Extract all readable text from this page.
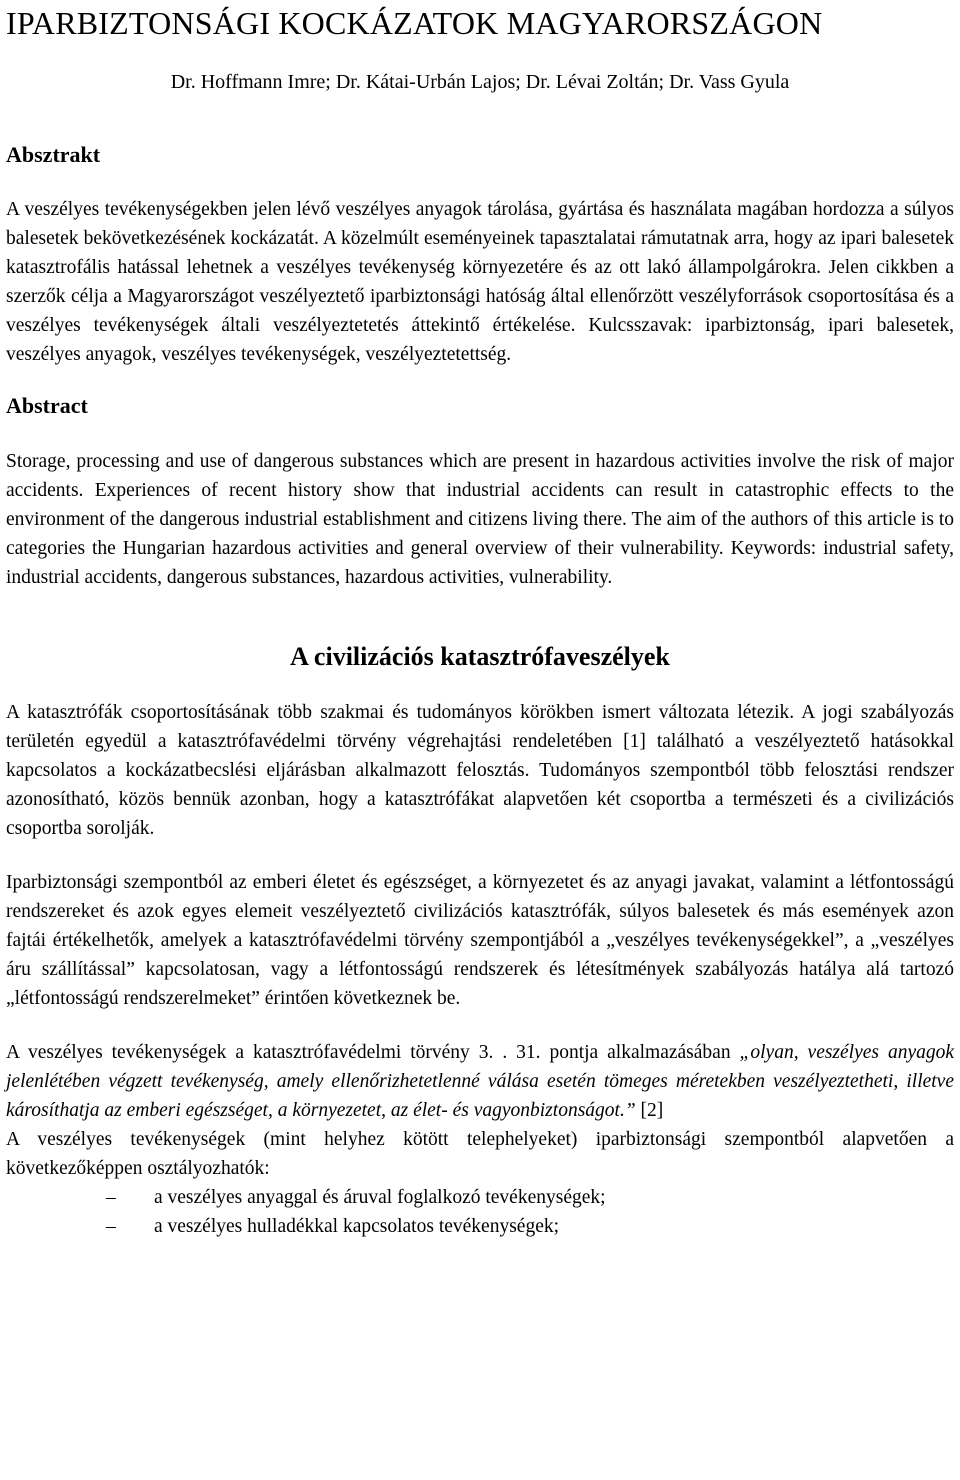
IPARBIZTONSÁGI KOCKÁZATOK MAGYARORSZÁGON

Dr. Hoffmann Imre; Dr. Kátai-Urbán Lajos; Dr. Lévai Zoltán; Dr. Vass Gyula

Absztrakt

A veszélyes tevékenységekben jelen lévő veszélyes anyagok tárolása, gyártása és használata magában hordozza a súlyos balesetek bekövetkezésének kockázatát. A közelmúlt eseményeinek tapasztalatai rámutatnak arra, hogy az ipari balesetek katasztrofális hatással lehetnek a veszélyes tevékenység környezetére és az ott lakó állampolgárokra. Jelen cikkben a szerzők célja a Magyarországot veszélyeztető iparbiztonsági hatóság által ellenőrzött veszélyforrások csoportosítása és a veszélyes tevékenységek általi veszélyeztetetés áttekintő értékelése. Kulcsszavak: iparbiztonság, ipari balesetek, veszélyes anyagok, veszélyes tevékenységek, veszélyeztetettség.

Abstract

Storage, processing and use of dangerous substances which are present in hazardous activities involve the risk of major accidents. Experiences of recent history show that industrial accidents can result in catastrophic effects to the environment of the dangerous industrial establishment and citizens living there. The aim of the authors of this article is to categories the Hungarian hazardous activities and general overview of their vulnerability. Keywords: industrial safety, industrial accidents, dangerous substances, hazardous activities, vulnerability.

A civilizációs katasztrófaveszélyek

A katasztrófák csoportosításának több szakmai és tudományos körökben ismert változata létezik. A jogi szabályozás területén egyedül a katasztrófavédelmi törvény végrehajtási rendeletében [1] található a veszélyeztető hatásokkal kapcsolatos a kockázatbecslési eljárásban alkalmazott felosztás. Tudományos szempontból több felosztási rendszer azonosítható, közös bennük azonban, hogy a katasztrófákat alapvetően két csoportba a természeti és a civilizációs csoportba sorolják.

Iparbiztonsági szempontból az emberi életet és egészséget, a környezetet és az anyagi javakat, valamint a létfontosságú rendszereket és azok egyes elemeit veszélyeztető civilizációs katasztrófák, súlyos balesetek és más események azon fajtái értékelhetők, amelyek a katasztrófavédelmi törvény szempontjából a „veszélyes tevékenységekkel”, a „veszélyes áru szállítással” kapcsolatosan, vagy a létfontosságú rendszerek és létesítmények szabályozás hatálya alá tartozó „létfontosságú rendszerelmeket” érintően következnek be.

A veszélyes tevékenységek a katasztrófavédelmi törvény 3. . 31. pontja alkalmazásában „olyan, veszélyes anyagok jelenlétében végzett tevékenység, amely ellenőrizhetetlenné válása esetén tömeges méretekben veszélyeztetheti, illetve károsíthatja az emberi egészséget, a környezetet, az élet- és vagyonbiztonságot.” [2]

A veszélyes tevékenységek (mint helyhez kötött telephelyeket) iparbiztonsági szempontból alapvetően a következőképpen osztályozhatók:

– a veszélyes anyaggal és áruval foglalkozó tevékenységek;
– a veszélyes hulladékkal kapcsolatos tevékenységek;
